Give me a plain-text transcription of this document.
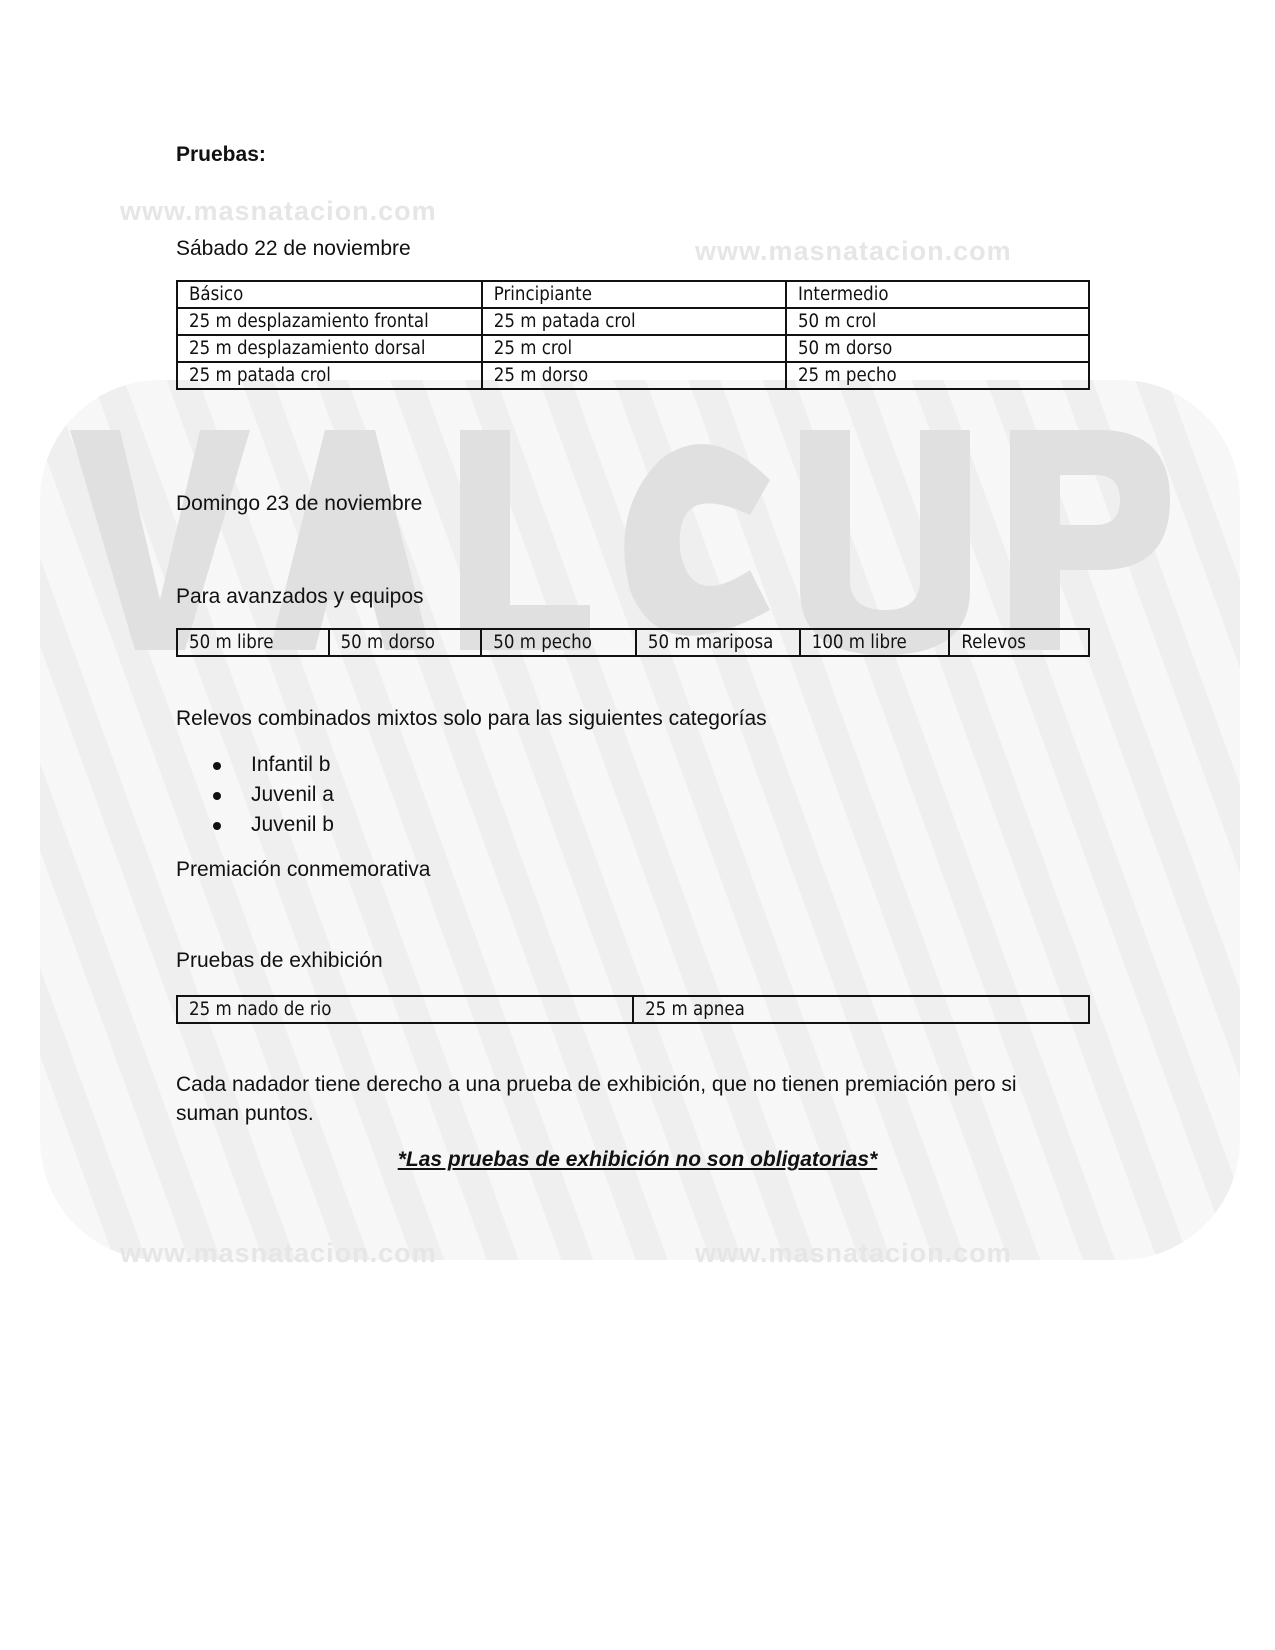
www.masnatacion.com
www.masnatacion.com
www.masnatacion.com	www.masnatacion.com
Pruebas:
Sábado 22 de noviembre
Básico	Principiante	Intermedio
25 m desplazamiento frontal	25 m patada crol	50 m crol
25 m desplazamiento dorsal	25 m crol	50 m dorso
25 m patada crol	25 m dorso	25 m pecho
Domingo 23 de noviembre
Para avanzados y equipos
50 m libre	50 m dorso	50 m pecho	50 m mariposa	100 m libre	Relevos
Relevos combinados mixtos solo para las siguientes categorías
Infantil b
Juvenil a
Juvenil b
Premiación conmemorativa
Pruebas de exhibición
25 m nado de rio	25 m apnea
Cada nadador tiene derecho a una prueba de exhibición, que no tienen premiación pero si
suman puntos.
*Las pruebas de exhibición no son obligatorias*
